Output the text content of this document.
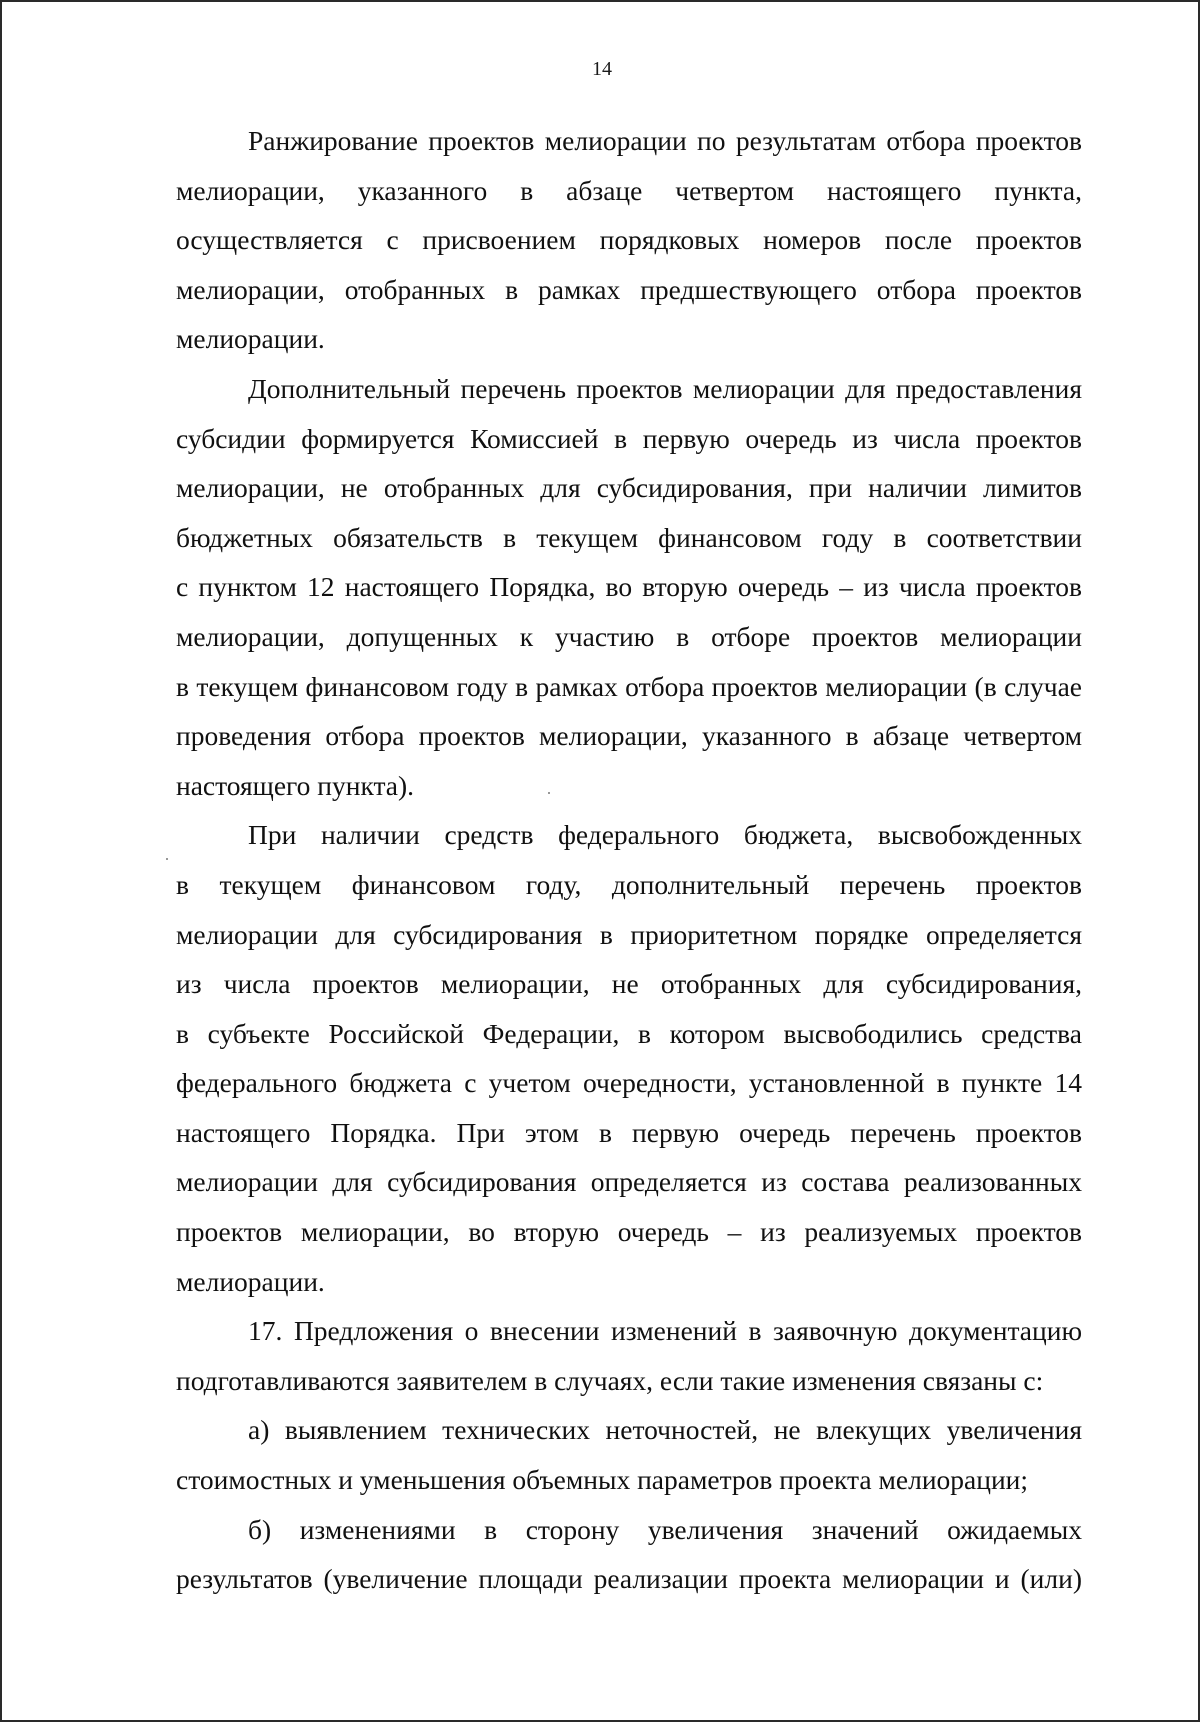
14
Ранжирование проектов мелиорации по результатам отбора проектов
мелиорации, указанного в абзаце четвертом настоящего пункта,
осуществляется с присвоением порядковых номеров после проектов
мелиорации, отобранных в рамках предшествующего отбора проектов
мелиорации.
Дополнительный перечень проектов мелиорации для предоставления
субсидии формируется Комиссией в первую очередь из числа проектов
мелиорации, не отобранных для субсидирования, при наличии лимитов
бюджетных обязательств в текущем финансовом году в соответствии
с пунктом 12 настоящего Порядка, во вторую очередь – из числа проектов
мелиорации, допущенных к участию в отборе проектов мелиорации
в текущем финансовом году в рамках отбора проектов мелиорации (в случае
проведения отбора проектов мелиорации, указанного в абзаце четвертом
настоящего пункта).
При наличии средств федерального бюджета, высвобожденных
в текущем финансовом году, дополнительный перечень проектов
мелиорации для субсидирования в приоритетном порядке определяется
из числа проектов мелиорации, не отобранных для субсидирования,
в субъекте Российской Федерации, в котором высвободились средства
федерального бюджета с учетом очередности, установленной в пункте 14
настоящего Порядка. При этом в первую очередь перечень проектов
мелиорации для субсидирования определяется из состава реализованных
проектов мелиорации, во вторую очередь – из реализуемых проектов
мелиорации.
17. Предложения о внесении изменений в заявочную документацию
подготавливаются заявителем в случаях, если такие изменения связаны с:
а) выявлением технических неточностей, не влекущих увеличения
стоимостных и уменьшения объемных параметров проекта мелиорации;
б) изменениями в сторону увеличения значений ожидаемых
результатов (увеличение площади реализации проекта мелиорации и (или)
